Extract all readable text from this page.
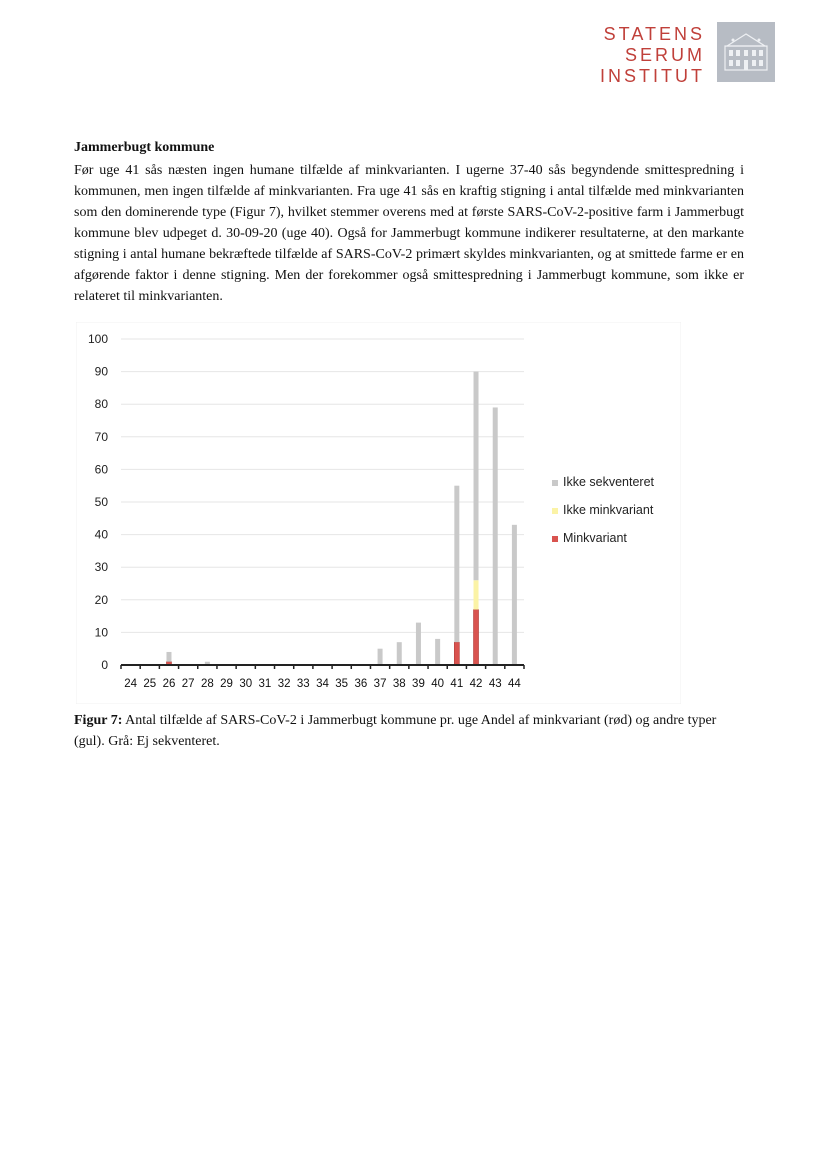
STATENS
SERUM
INSTITUT
Jammerbugt kommune

Før uge 41 sås næsten ingen humane tilfælde af minkvarianten. I ugerne 37-40 sås begyndende smittespredning i kommunen, men ingen tilfælde af minkvarianten. Fra uge 41 sås en kraftig stigning i antal tilfælde med minkvarianten som den dominerende type (Figur 7), hvilket stemmer overens med at første SARS-CoV-2-positive farm i Jammerbugt kommune blev udpeget d. 30-09-20 (uge 40). Også for Jammerbugt kommune indikerer resultaterne, at den markante stigning i antal humane bekræftede tilfælde af SARS-CoV-2 primært skyldes minkvarianten, og at smittede farme er en afgørende faktor i denne stigning. Men der forekommer også smittespredning i Jammerbugt kommune, som ikke er relateret til minkvarianten.

0
10
20
30
40
50
60
70
80
90
100
24 25 26 27 28 29 30 31 32 33 34 35 36 37 38 39 40 41 42 43 44
Ikke sekventeret
Ikke minkvariant
Minkvariant
Figur 7: Antal tilfælde af SARS-CoV-2 i Jammerbugt kommune pr. uge Andel af minkvariant (rød) og andre typer (gul). Grå: Ej sekventeret.
